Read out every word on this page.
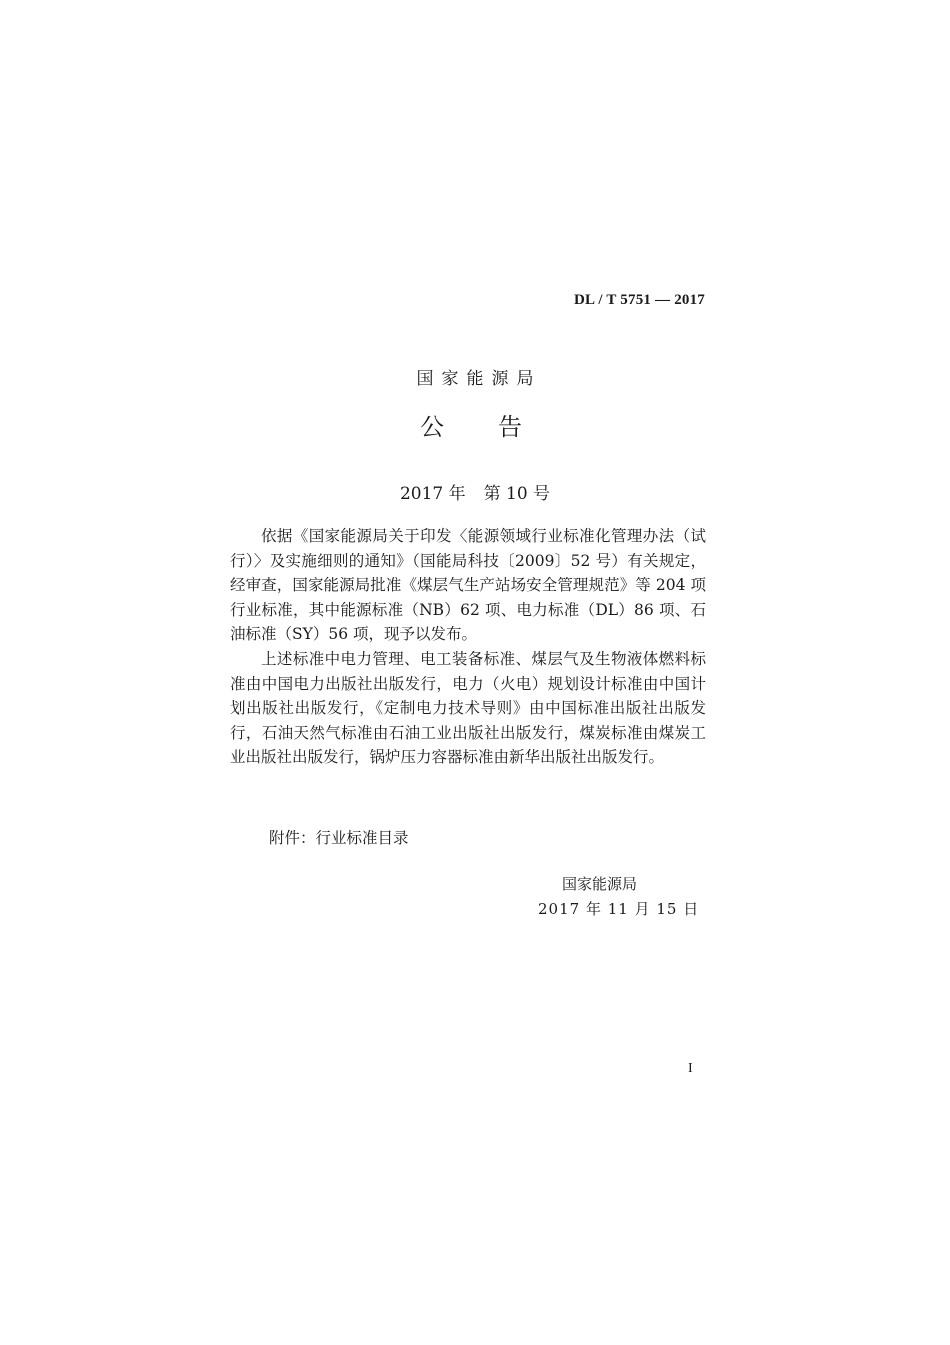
DL / T 5751 — 2017
国家能源局
公告
2017 年 第 10 号

依据《国家能源局关于印发〈能源领域行业标准化管理办法（试行）〉及实施细则的通知》（国能局科技〔2009〕52 号）有关规定，经审查，国家能源局批准《煤层气生产站场安全管理规范》等 204 项行业标准，其中能源标准（NB）62 项、电力标准（DL）86 项、石油标准（SY）56 项，现予以发布。

上述标准中电力管理、电工装备标准、煤层气及生物液体燃料标准由中国电力出版社出版发行，电力（火电）规划设计标准由中国计划出版社出版发行，《定制电力技术导则》由中国标准出版社出版发行，石油天然气标准由石油工业出版社出版发行，煤炭标准由煤炭工业出版社出版发行，锅炉压力容器标准由新华出版社出版发行。

附件：行业标准目录
国家能源局
2017 年 11 月 15 日
I
